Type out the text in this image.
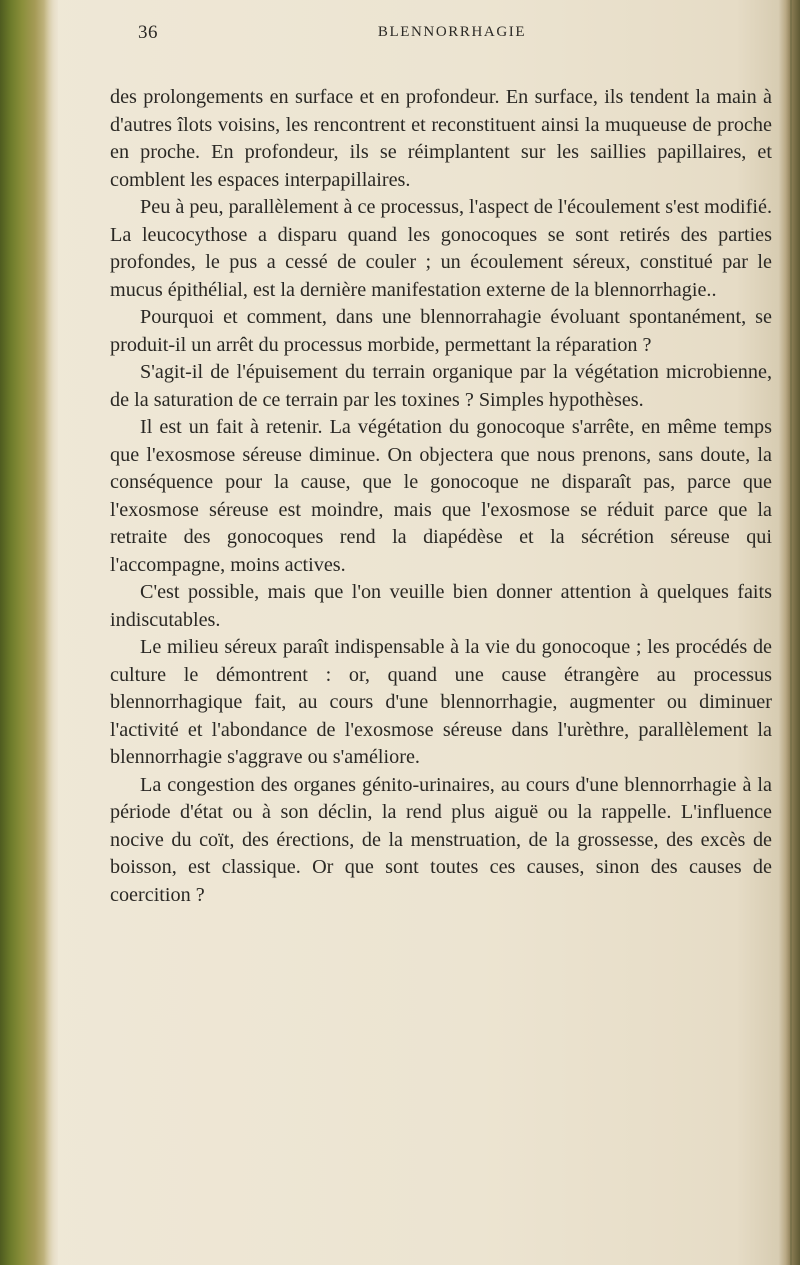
36	BLENNORRHAGIE

des prolongements en surface et en profondeur. En surface, ils tendent la main à d'autres îlots voisins, les rencontrent et reconstituent ainsi la muqueuse de proche en proche. En profondeur, ils se réimplantent sur les saillies papillaires, et comblent les espaces interpapillaires.

Peu à peu, parallèlement à ce processus, l'aspect de l'écoulement s'est modifié. La leucocythose a disparu quand les gonocoques se sont retirés des parties profondes, le pus a cessé de couler ; un écoulement séreux, constitué par le mucus épithélial, est la dernière manifestation externe de la blennorrhagie..

Pourquoi et comment, dans une blennorrahagie évoluant spontanément, se produit-il un arrêt du processus morbide, permettant la réparation ?

S'agit-il de l'épuisement du terrain organique par la végétation microbienne, de la saturation de ce terrain par les toxines ? Simples hypothèses.

Il est un fait à retenir. La végétation du gonocoque s'arrête, en même temps que l'exosmose séreuse diminue. On objectera que nous prenons, sans doute, la conséquence pour la cause, que le gonocoque ne disparaît pas, parce que l'exosmose séreuse est moindre, mais que l'exosmose se réduit parce que la retraite des gonocoques rend la diapédèse et la sécrétion séreuse qui l'accompagne, moins actives.

C'est possible, mais que l'on veuille bien donner attention à quelques faits indiscutables.

Le milieu séreux paraît indispensable à la vie du gonocoque ; les procédés de culture le démontrent : or, quand une cause étrangère au processus blennorrhagique fait, au cours d'une blennorrhagie, augmenter ou diminuer l'activité et l'abondance de l'exosmose séreuse dans l'urèthre, parallèlement la blennorrhagie s'aggrave ou s'améliore.

La congestion des organes génito-urinaires, au cours d'une blennorrhagie à la période d'état ou à son déclin, la rend plus aiguë ou la rappelle. L'influence nocive du coït, des érections, de la menstruation, de la grossesse, des excès de boisson, est classique. Or que sont toutes ces causes, sinon des causes de coercition ?
